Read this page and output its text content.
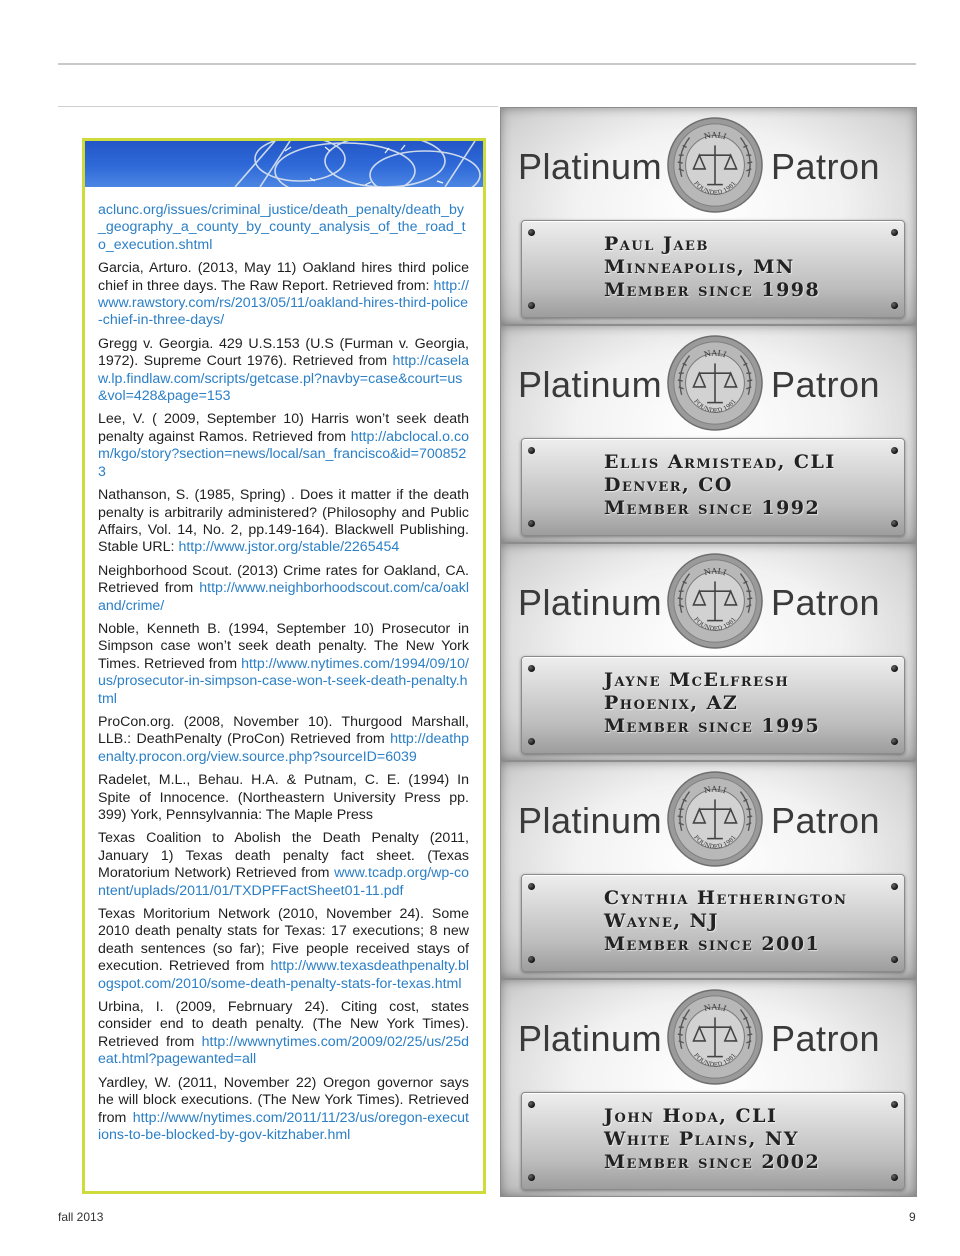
aclunc.org/issues/criminal_justice/death_penalty/death_by_geography_a_county_by_county_analysis_of_the_road_to_execution.shtml

Garcia, Arturo. (2013, May 11) Oakland hires third police chief in three days. The Raw Report. Retrieved from: http://www.rawstory.com/rs/2013/05/11/oakland-hires-third-police-chief-in-three-days/

Gregg v. Georgia. 429 U.S.153 (U.S (Furman v. Georgia, 1972). Supreme Court 1976). Retrieved from http://caselaw.lp.findlaw.com/scripts/getcase.pl?navby=case&court=us&vol=428&page=153

Lee, V. ( 2009, September 10) Harris won’t seek death penalty against Ramos. Retrieved from http://abclocal.o.com/kgo/story?section=news/local/san_francisco&id=7008523

Nathanson, S. (1985, Spring) . Does it matter if the death penalty is arbitrarily administered? (Philosophy and Public Affairs, Vol. 14, No. 2, pp.149-164). Blackwell Publishing. Stable URL: http://www.jstor.org/stable/2265454

Neighborhood Scout. (2013) Crime rates for Oakland, CA. Retrieved from http://www.neighborhoodscout.com/ca/oakland/crime/

Noble, Kenneth B. (1994, September 10) Prosecutor in Simpson case won’t seek death penalty. The New York Times. Retrieved from http://www.nytimes.com/1994/09/10/us/prosecutor-in-simpson-case-won-t-seek-death-penalty.html

ProCon.org. (2008, November 10). Thurgood Marshall, LLB.: DeathPenalty (ProCon) Retrieved from http://deathpenalty.procon.org/view.source.php?sourceID=6039

Radelet, M.L., Behau. H.A. & Putnam, C. E. (1994) In Spite of Innocence. (Northeastern University Press pp. 399) York, Pennsylvannia: The Maple Press

Texas Coalition to Abolish the Death Penalty (2011, January 1) Texas death penalty fact sheet. (Texas Moratorium Network) Retrieved from www.tcadp.org/wp-content/uplads/2011/01/TXDPFFactSheet01-11.pdf

Texas Moritorium Network (2010, November 24). Some 2010 death penalty stats for Texas: 17 executions; 8 new death sentences (so far); Five people received stays of execution. Retrieved from http://www.texasdeathpenalty.blogspot.com/2010/some-death-penalty-stats-for-texas.html

Urbina, I. (2009, Febrnuary 24). Citing cost, states consider end to death penalty. (The New York Times). Retrieved from http://wwwnytimes.com/2009/02/25/us/25deat.html?pagewanted=all

Yardley, W. (2011, November 22) Oregon governor says he will block executions. (The New York Times). Retrieved from http://www/nytimes.com/2011/11/23/us/oregon-executions-to-be-blocked-by-gov-kitzhaber.hml

Platinum
NALI
FOUNDED 1981 Patron
Paul Jaeb
Minneapolis, MN
Member since 1998
Platinum
NALI
FOUNDED 1981 Patron
Ellis Armistead, CLI
Denver, CO
Member since 1992
Platinum
NALI
FOUNDED 1981 Patron
Jayne McElfresh
Phoenix, AZ
Member since 1995
Platinum
NALI
FOUNDED 1981 Patron
Cynthia Hetherington
Wayne, NJ
Member since 2001
Platinum
NALI
FOUNDED 1981 Patron
John Hoda, CLI
White Plains, NY
Member since 2002
fall 2013	9
